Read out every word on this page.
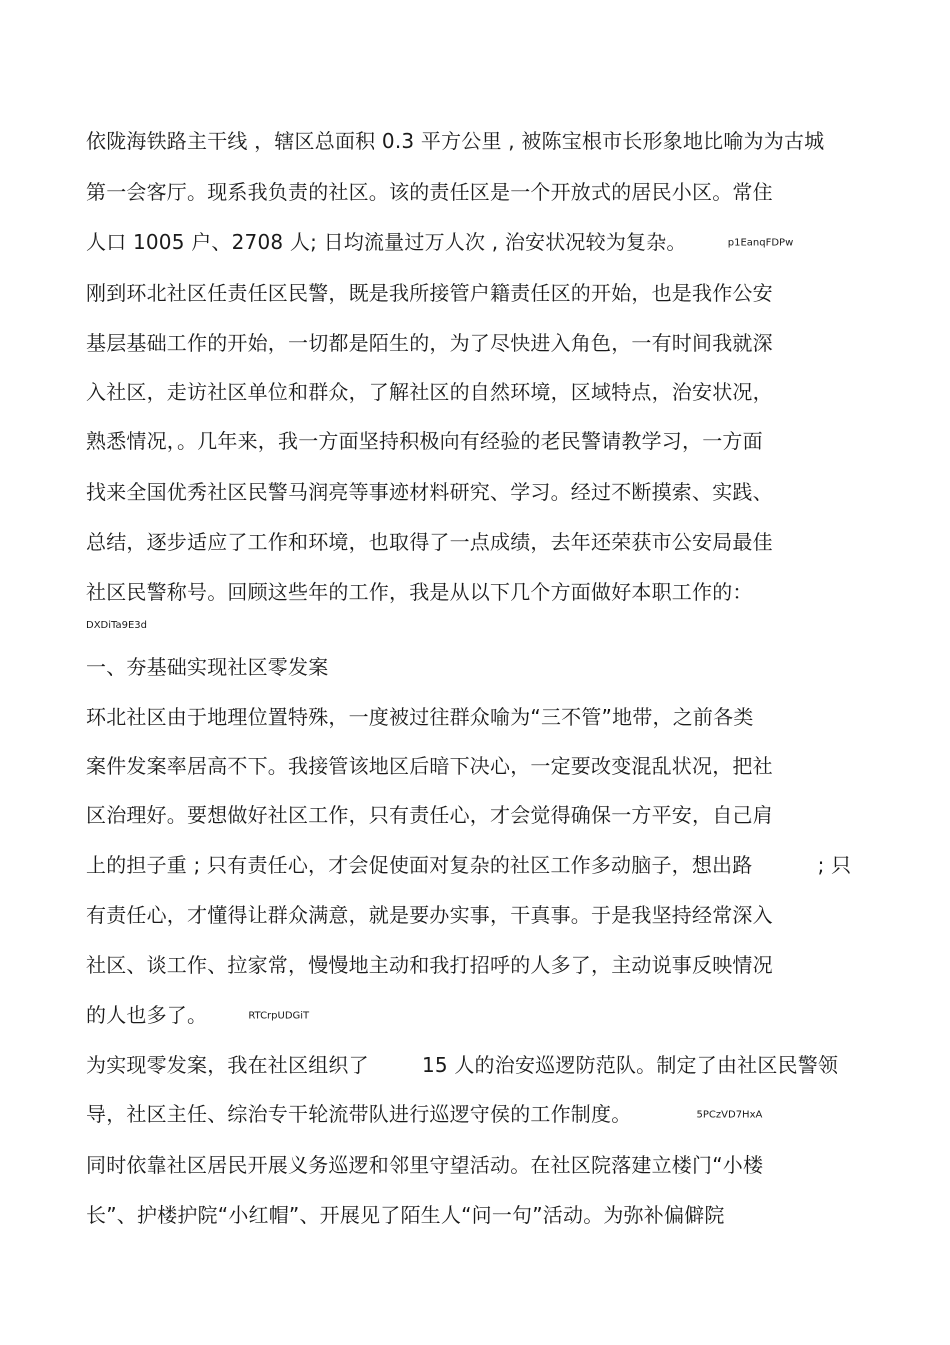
依陇海铁路主干线 ，辖区总面积 0.3 平方公里 , 被陈宝根市长形象地比喻为为古城
第一会客厅。现系我负责的社区。该的责任区是一个开放式的居民小区。常住
人口 1005 户、2708 人; 日均流量过万人次 , 治安状况较为复杂。	p1EanqFDPw
刚到环北社区任责任区民警，既是我所接管户籍责任区的开始，也是我作公安
基层基础工作的开始，一切都是陌生的，为了尽快进入角色，一有时间我就深
入社区，走访社区单位和群众，了解社区的自然环境，区域特点，治安状况，
熟悉情况，。几年来，我一方面坚持积极向有经验的老民警请教学习，一方面
找来全国优秀社区民警马润亮等事迹材料研究、学习。经过不断摸索、实践、
总结，逐步适应了工作和环境，也取得了一点成绩，去年还荣获市公安局最佳
社区民警称号。回顾这些年的工作，我是从以下几个方面做好本职工作的：
DXDiTa9E3d
一、夯基础实现社区零发案
环北社区由于地理位置特殊，一度被过往群众喻为“三不管”地带，之前各类
案件发案率居高不下。我接管该地区后暗下决心，一定要改变混乱状况，把社
区治理好。要想做好社区工作，只有责任心，才会觉得确保一方平安，自己肩
上的担子重 ; 只有责任心，才会促使面对复杂的社区工作多动脑子，想出路	; 只
有责任心，才懂得让群众满意，就是要办实事，干真事。于是我坚持经常深入
社区、谈工作、拉家常，慢慢地主动和我打招呼的人多了，主动说事反映情况
的人也多了。	RTCrpUDGiT
为实现零发案，我在社区组织了	15 人的治安巡逻防范队。制定了由社区民警领
导，社区主任、综治专干轮流带队进行巡逻守侯的工作制度。	5PCzVD7HxA
同时依靠社区居民开展义务巡逻和邻里守望活动。在社区院落建立楼门“小楼
长”、护楼护院“小红帽”、开展见了陌生人“问一句”活动。为弥补偏僻院
